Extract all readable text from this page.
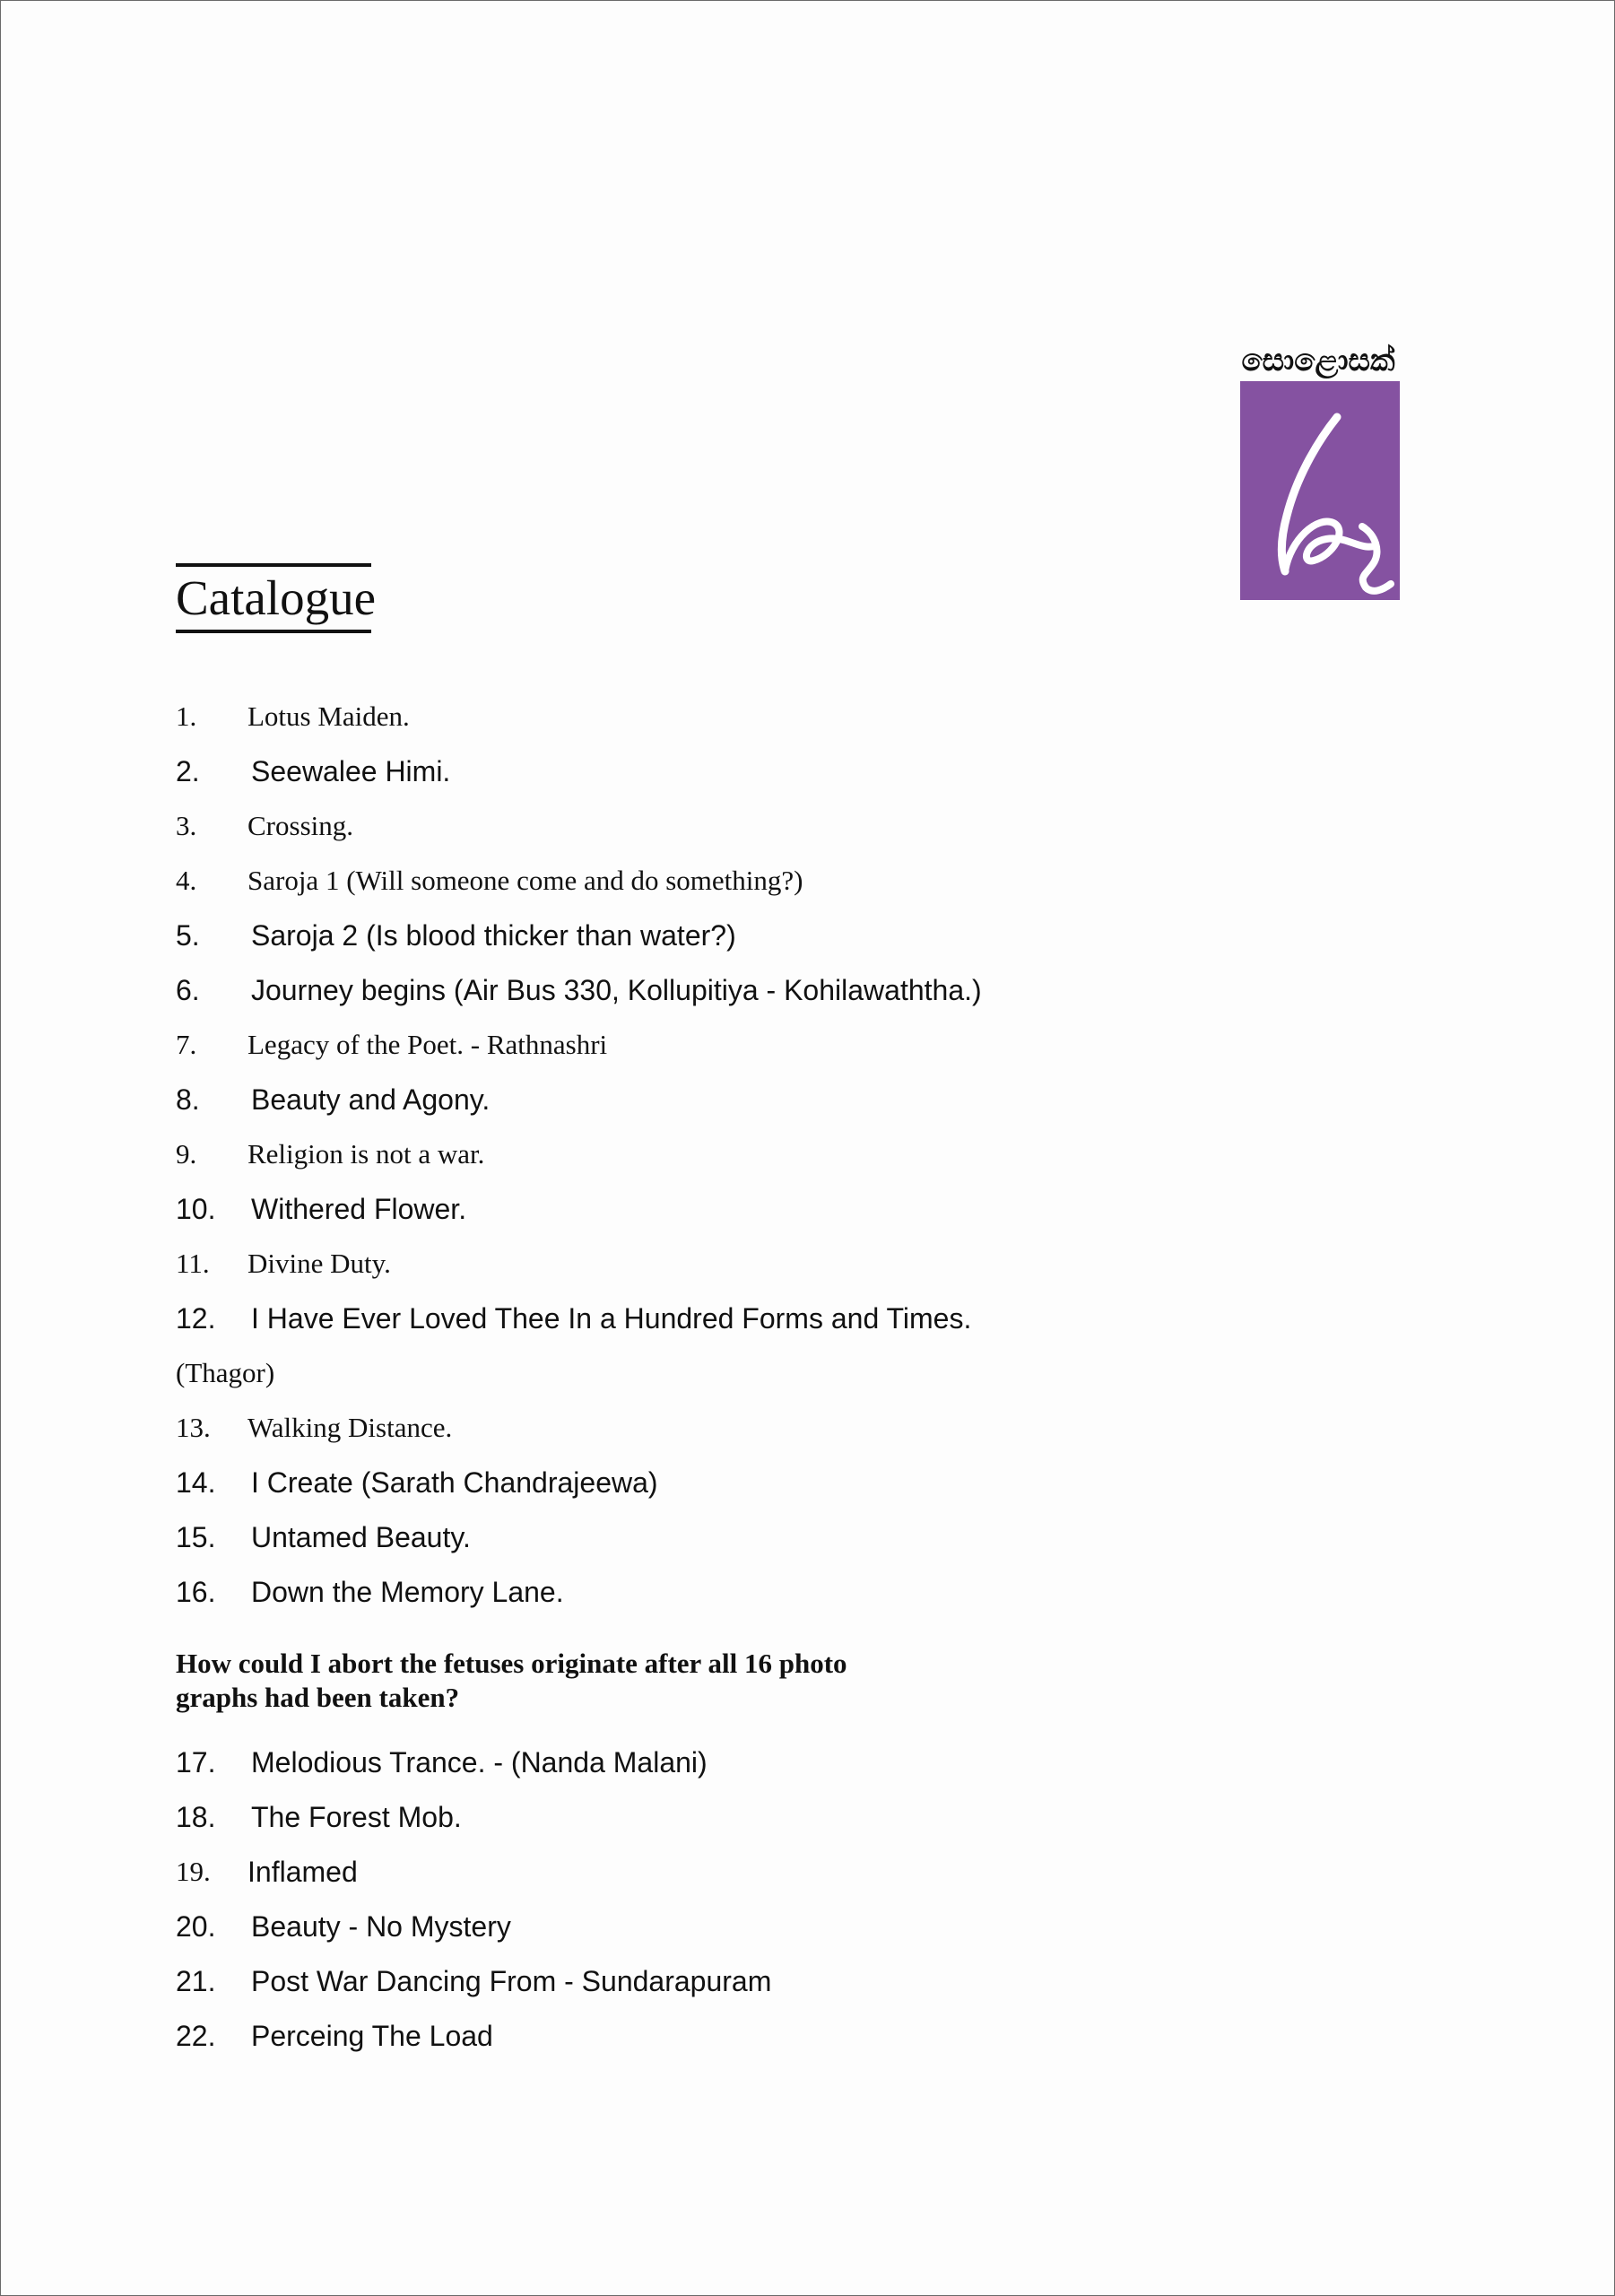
සොළොසක්
Catalogue
1. Lotus Maiden.
2. Seewalee Himi.
3. Crossing.
4. Saroja 1 (Will someone come and do something?)
5. Saroja 2 (Is blood thicker than water?)
6. Journey begins (Air Bus 330, Kollupitiya - Kohilawaththa.)
7. Legacy of the Poet. - Rathnashri
8. Beauty and Agony.
9. Religion is not a war.
10. Withered Flower.
11. Divine Duty.
12. I Have Ever Loved Thee In a Hundred Forms and Times.
(Thagor)
13. Walking Distance.
14. I Create (Sarath Chandrajeewa)
15. Untamed Beauty.
16. Down the Memory Lane.
How could I abort the fetuses originate after all 16 photo
graphs had been taken?
17. Melodious Trance. - (Nanda Malani)
18. The Forest Mob.
19. Inflamed
20. Beauty - No Mystery
21. Post War Dancing From - Sundarapuram
22. Perceing The Load
